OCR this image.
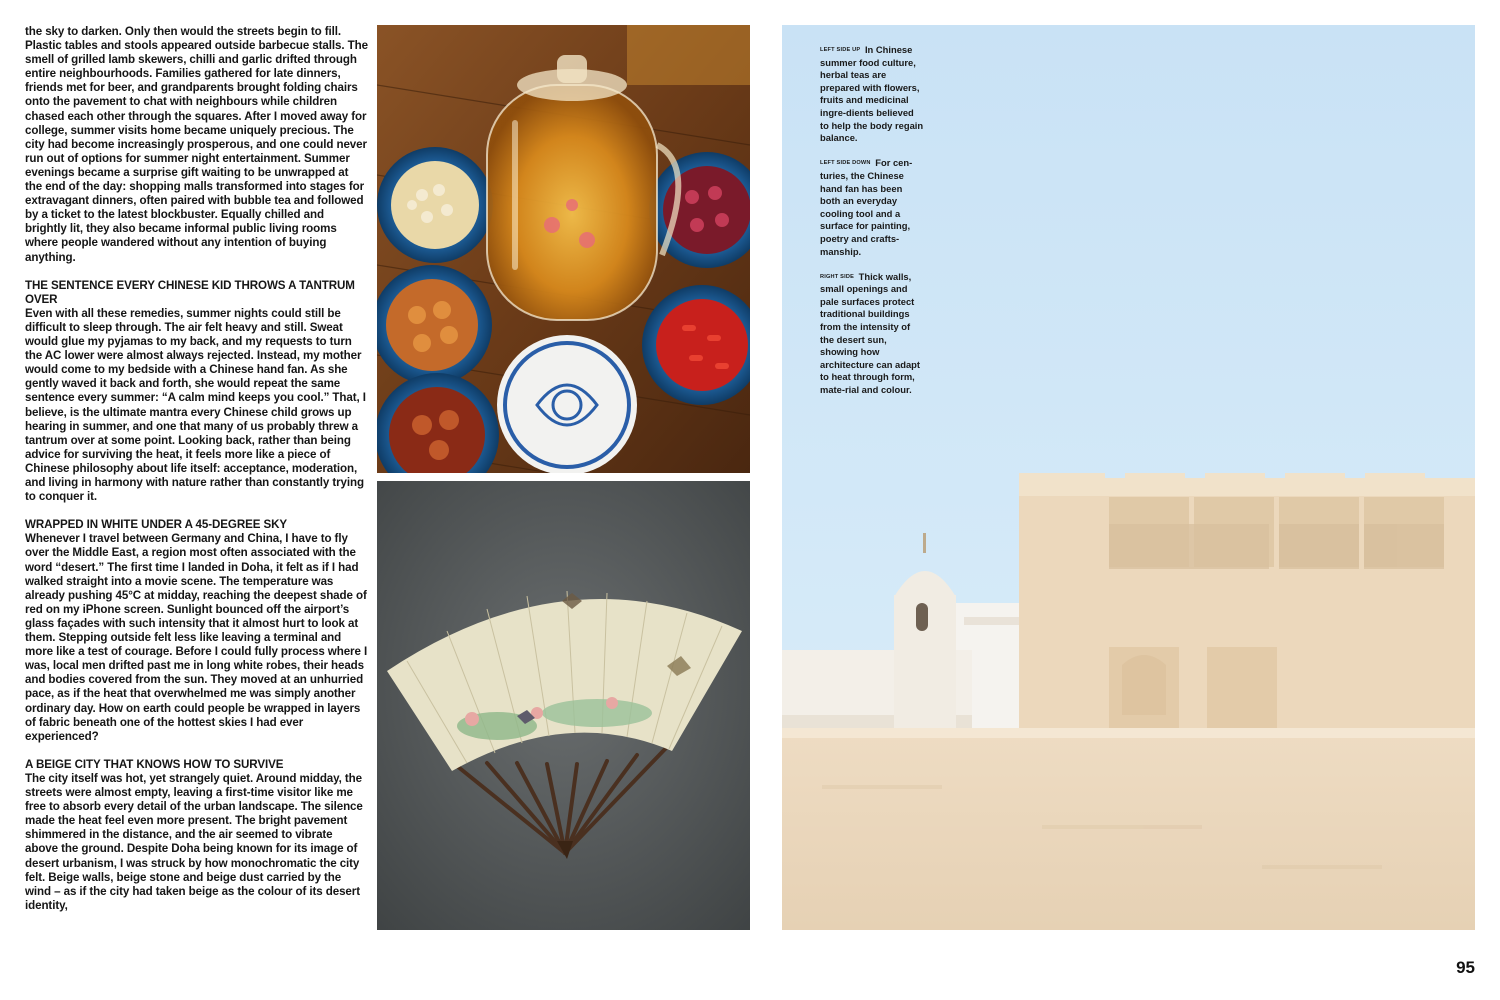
the sky to darken. Only then would the streets begin to fill. Plastic tables and stools appeared outside barbecue stalls. The smell of grilled lamb skewers, chilli and garlic drifted through entire neighbourhoods. Families gathered for late dinners, friends met for beer, and grandparents brought folding chairs onto the pavement to chat with neighbours while children chased each other through the squares. After I moved away for college, summer visits home became uniquely precious. The city had become increasingly prosperous, and one could never run out of options for summer night entertainment. Summer evenings became a surprise gift waiting to be unwrapped at the end of the day: shopping malls transformed into stages for extravagant dinners, often paired with bubble tea and followed by a ticket to the latest blockbuster. Equally chilled and brightly lit, they also became informal public living rooms where people wandered without any intention of buying anything.

THE SENTENCE EVERY CHINESE KID THROWS A TANTRUM OVER

Even with all these remedies, summer nights could still be difficult to sleep through. The air felt heavy and still. Sweat would glue my pyjamas to my back, and my requests to turn the AC lower were almost always rejected. Instead, my mother would come to my bedside with a Chinese hand fan. As she gently waved it back and forth, she would repeat the same sentence every summer: “A calm mind keeps you cool.” That, I believe, is the ultimate mantra every Chinese child grows up hearing in summer, and one that many of us probably threw a tantrum over at some point. Looking back, rather than being advice for surviving the heat, it feels more like a piece of Chinese philosophy about life itself: acceptance, moderation, and living in harmony with nature rather than constantly trying to conquer it.

WRAPPED IN WHITE UNDER A 45-DEGREE SKY

Whenever I travel between Germany and China, I have to fly over the Middle East, a region most often associated with the word “desert.” The first time I landed in Doha, it felt as if I had walked straight into a movie scene. The temperature was already pushing 45°C at midday, reaching the deepest shade of red on my iPhone screen. Sunlight bounced off the airport’s glass façades with such intensity that it almost hurt to look at them. Stepping outside felt less like leaving a terminal and more like a test of courage. Before I could fully process where I was, local men drifted past me in long white robes, their heads and bodies covered from the sun. They moved at an unhurried pace, as if the heat that overwhelmed me was simply another ordinary day. How on earth could people be wrapped in layers of fabric beneath one of the hottest skies I had ever experienced?

A BEIGE CITY THAT KNOWS HOW TO SURVIVE

The city itself was hot, yet strangely quiet. Around midday, the streets were almost empty, leaving a first-time visitor like me free to absorb every detail of the urban landscape. The silence made the heat feel even more present. The bright pavement shimmered in the distance, and the air seemed to vibrate above the ground. Despite Doha being known for its image of desert urbanism, I was struck by how monochromatic the city felt. Beige walls, beige stone and beige dust carried by the wind – as if the city had taken beige as the colour of its desert identity,

$^{LEFT SIDE UP}$ In Chinese summer food culture, herbal teas are prepared with flowers, fruits and medicinal ingre-dients believed to help the body regain balance.
$^{LEFT SIDE DOWN}$ For cen-turies, the Chinese hand fan has been both an everyday cooling tool and a surface for painting, poetry and crafts-manship.
$^{RIGHT SIDE}$ Thick walls, small openings and pale surfaces protect traditional buildings from the intensity of the desert sun, showing how architecture can adapt to heat through form, mate-rial and colour.
95
